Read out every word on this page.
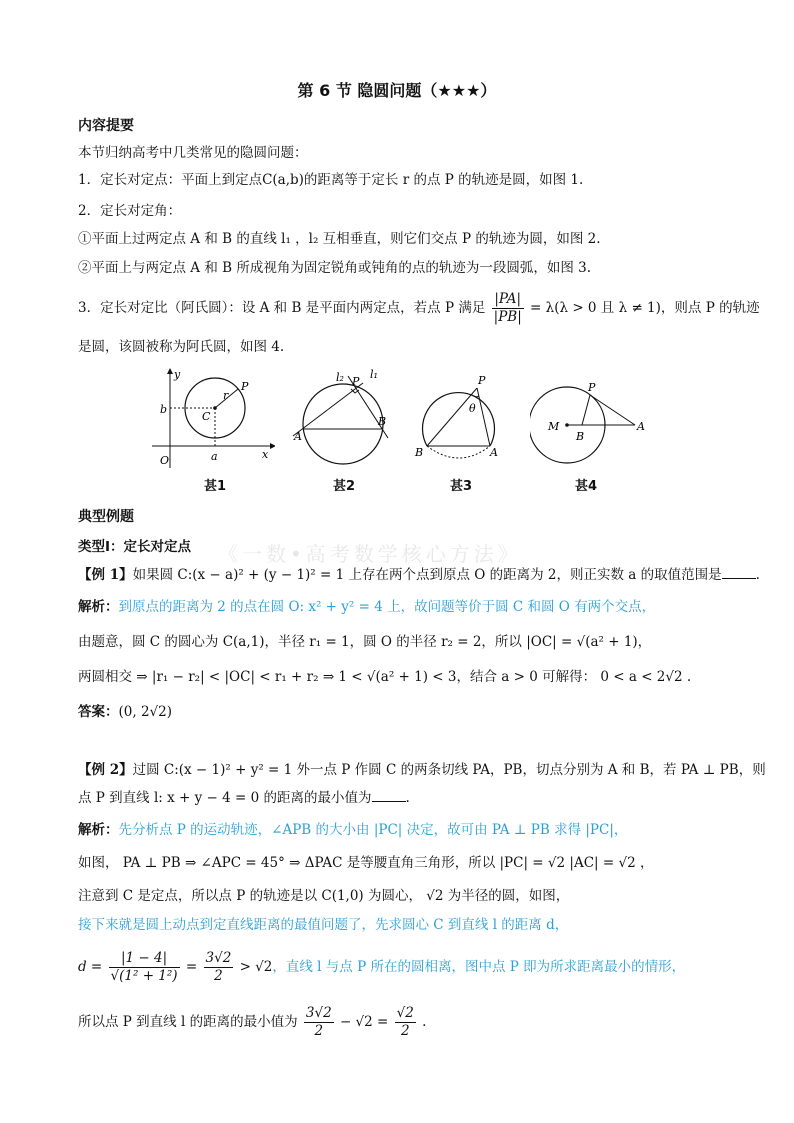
第 6 节 隐圆问题（★★★）
内容提要
本节归纳高考中几类常见的隐圆问题：
1．定长对定点：平面上到定点C(a,b)的距离等于定长 r 的点 P 的轨迹是圆，如图 1.
2．定长对定角：
①平面上过两定点 A 和 B 的直线 l₁ ，l₂ 互相垂直，则它们交点 P 的轨迹为圆，如图 2.
②平面上与两定点 A 和 B 所成视角为固定锐角或钝角的点的轨迹为一段圆弧，如图 3.
3．定长对定比（阿氏圆）：设 A 和 B 是平面内两定点，若点 P 满足 $\frac{|PA|}{|PB|} = \lambda(\lambda > 0$ 且 λ ≠ 1)，则点 P 的轨迹
是圆，该圆被称为阿氏圆，如图 4.
y
x
O
b
a
C
r
P
l₂ l₁
P
A
B
P
θ
B	A
P
M
B
A
甚1	甚2	甚3	甚4
典型例题
类型Ⅰ：定长对定点	《一数•高考数学核心方法》
【例 1】如果圆 C:(x − a)² + (y − 1)² = 1 上存在两个点到原点 O 的距离为 2，则正实数 a 的取值范围是	.
解析：到原点的距离为 2 的点在圆 O: x² + y² = 4 上，故问题等价于圆 C 和圆 O 有两个交点，
由题意，圆 C 的圆心为 C(a,1)，半径 r₁ = 1，圆 O 的半径 r₂ = 2，所以 |OC| = √(a² + 1)，
两圆相交 ⇒ |r₁ − r₂| < |OC| < r₁ + r₂ ⇒ 1 < √(a² + 1) < 3，结合 a > 0 可解得： 0 < a < 2√2 .
答案：(0, 2√2)
【例 2】过圆 C:(x − 1)² + y² = 1 外一点 P 作圆 C 的两条切线 PA，PB，切点分别为 A 和 B，若 PA ⊥ PB，则
点 P 到直线 l: x + y − 4 = 0 的距离的最小值为	.
解析：先分析点 P 的运动轨迹，∠APB 的大小由 |PC| 决定，故可由 PA ⊥ PB 求得 |PC|，
如图， PA ⊥ PB ⇒ ∠APC = 45° ⇒ ΔPAC 是等腰直角三角形，所以 |PC| = √2 |AC| = √2 ，
注意到 C 是定点，所以点 P 的轨迹是以 C(1,0) 为圆心， √2 为半径的圆，如图，
接下来就是圆上动点到定直线距离的最值问题了，先求圆心 C 到直线 l 的距离 d，
$d = \frac{|1 - 4|}{\text{√(1² + 1²)}} = \frac{3√2}{2} > √2$，直线 l 与点 P 所在的圆相离，图中点 P 即为所求距离最小的情形，
所以点 P 到直线 l 的距离的最小值为 $\frac{3√2}{2} - √2 = \frac{√2}{2}$ .
